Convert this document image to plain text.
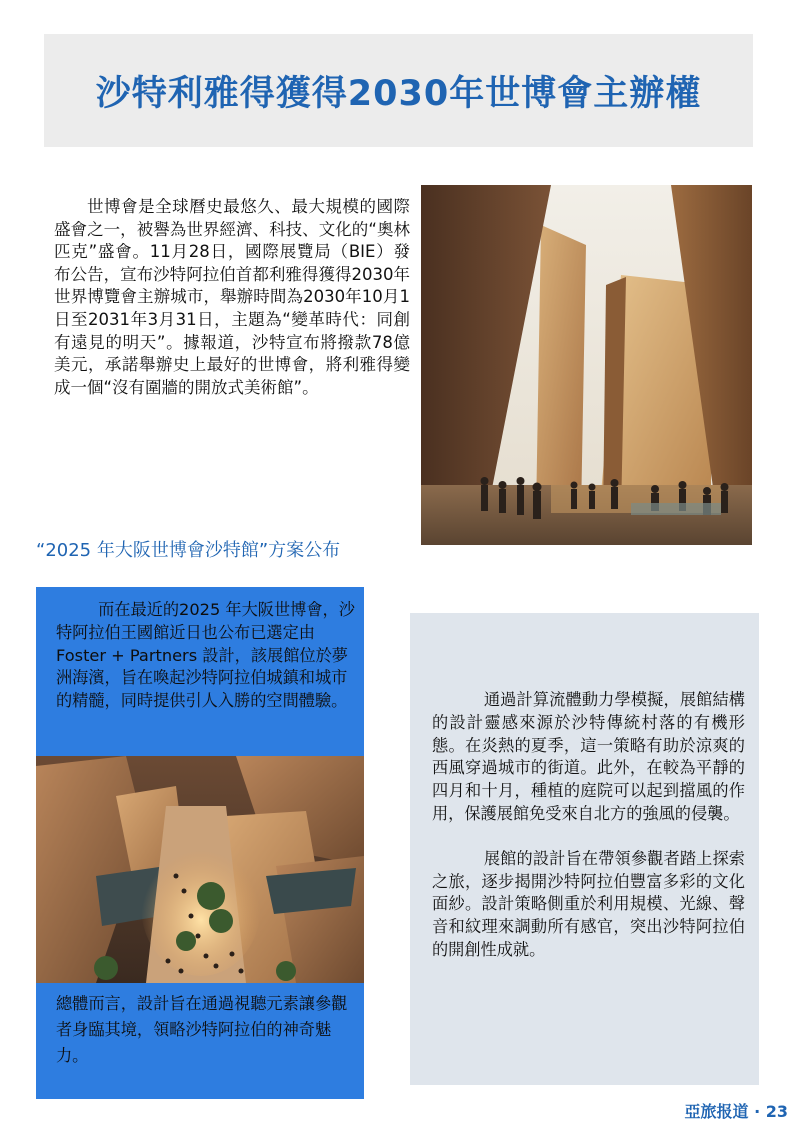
沙特利雅得獲得2030年世博會主辦權

世博會是全球曆史最悠久、最大規模的國際盛會之一，被譽為世界經濟、科技、文化的“奧林匹克”盛會。11月28日，國際展覽局（BIE）發布公告，宣布沙特阿拉伯首都利雅得獲得2030年世界博覽會主辦城市，舉辦時間為2030年10月1日至2031年3月31日，主題為“變革時代：同創有遠見的明天”。據報道，沙特宣布將撥款78億美元，承諾舉辦史上最好的世博會，將利雅得變成一個“沒有圍牆的開放式美術館”。

“2025 年大阪世博會沙特館”方案公布

而在最近的2025 年大阪世博會，沙特阿拉伯王國館近日也公布已選定由 Foster + Partners 設計，該展館位於夢洲海濱，旨在喚起沙特阿拉伯城鎮和城市的精髓，同時提供引人入勝的空間體驗。

總體而言，設計旨在通過視聽元素讓參觀者身臨其境，領略沙特阿拉伯的神奇魅力。

通過計算流體動力學模擬，展館結構的設計靈感來源於沙特傳統村落的有機形態。在炎熱的夏季，這一策略有助於涼爽的西風穿過城市的街道。此外，在較為平靜的四月和十月，種植的庭院可以起到擋風的作用，保護展館免受來自北方的強風的侵襲。

展館的設計旨在帶領參觀者踏上探索之旅，逐步揭開沙特阿拉伯豐富多彩的文化面紗。設計策略側重於利用規模、光線、聲音和紋理來調動所有感官，突出沙特阿拉伯的開創性成就。

亞旅报道 · 23
